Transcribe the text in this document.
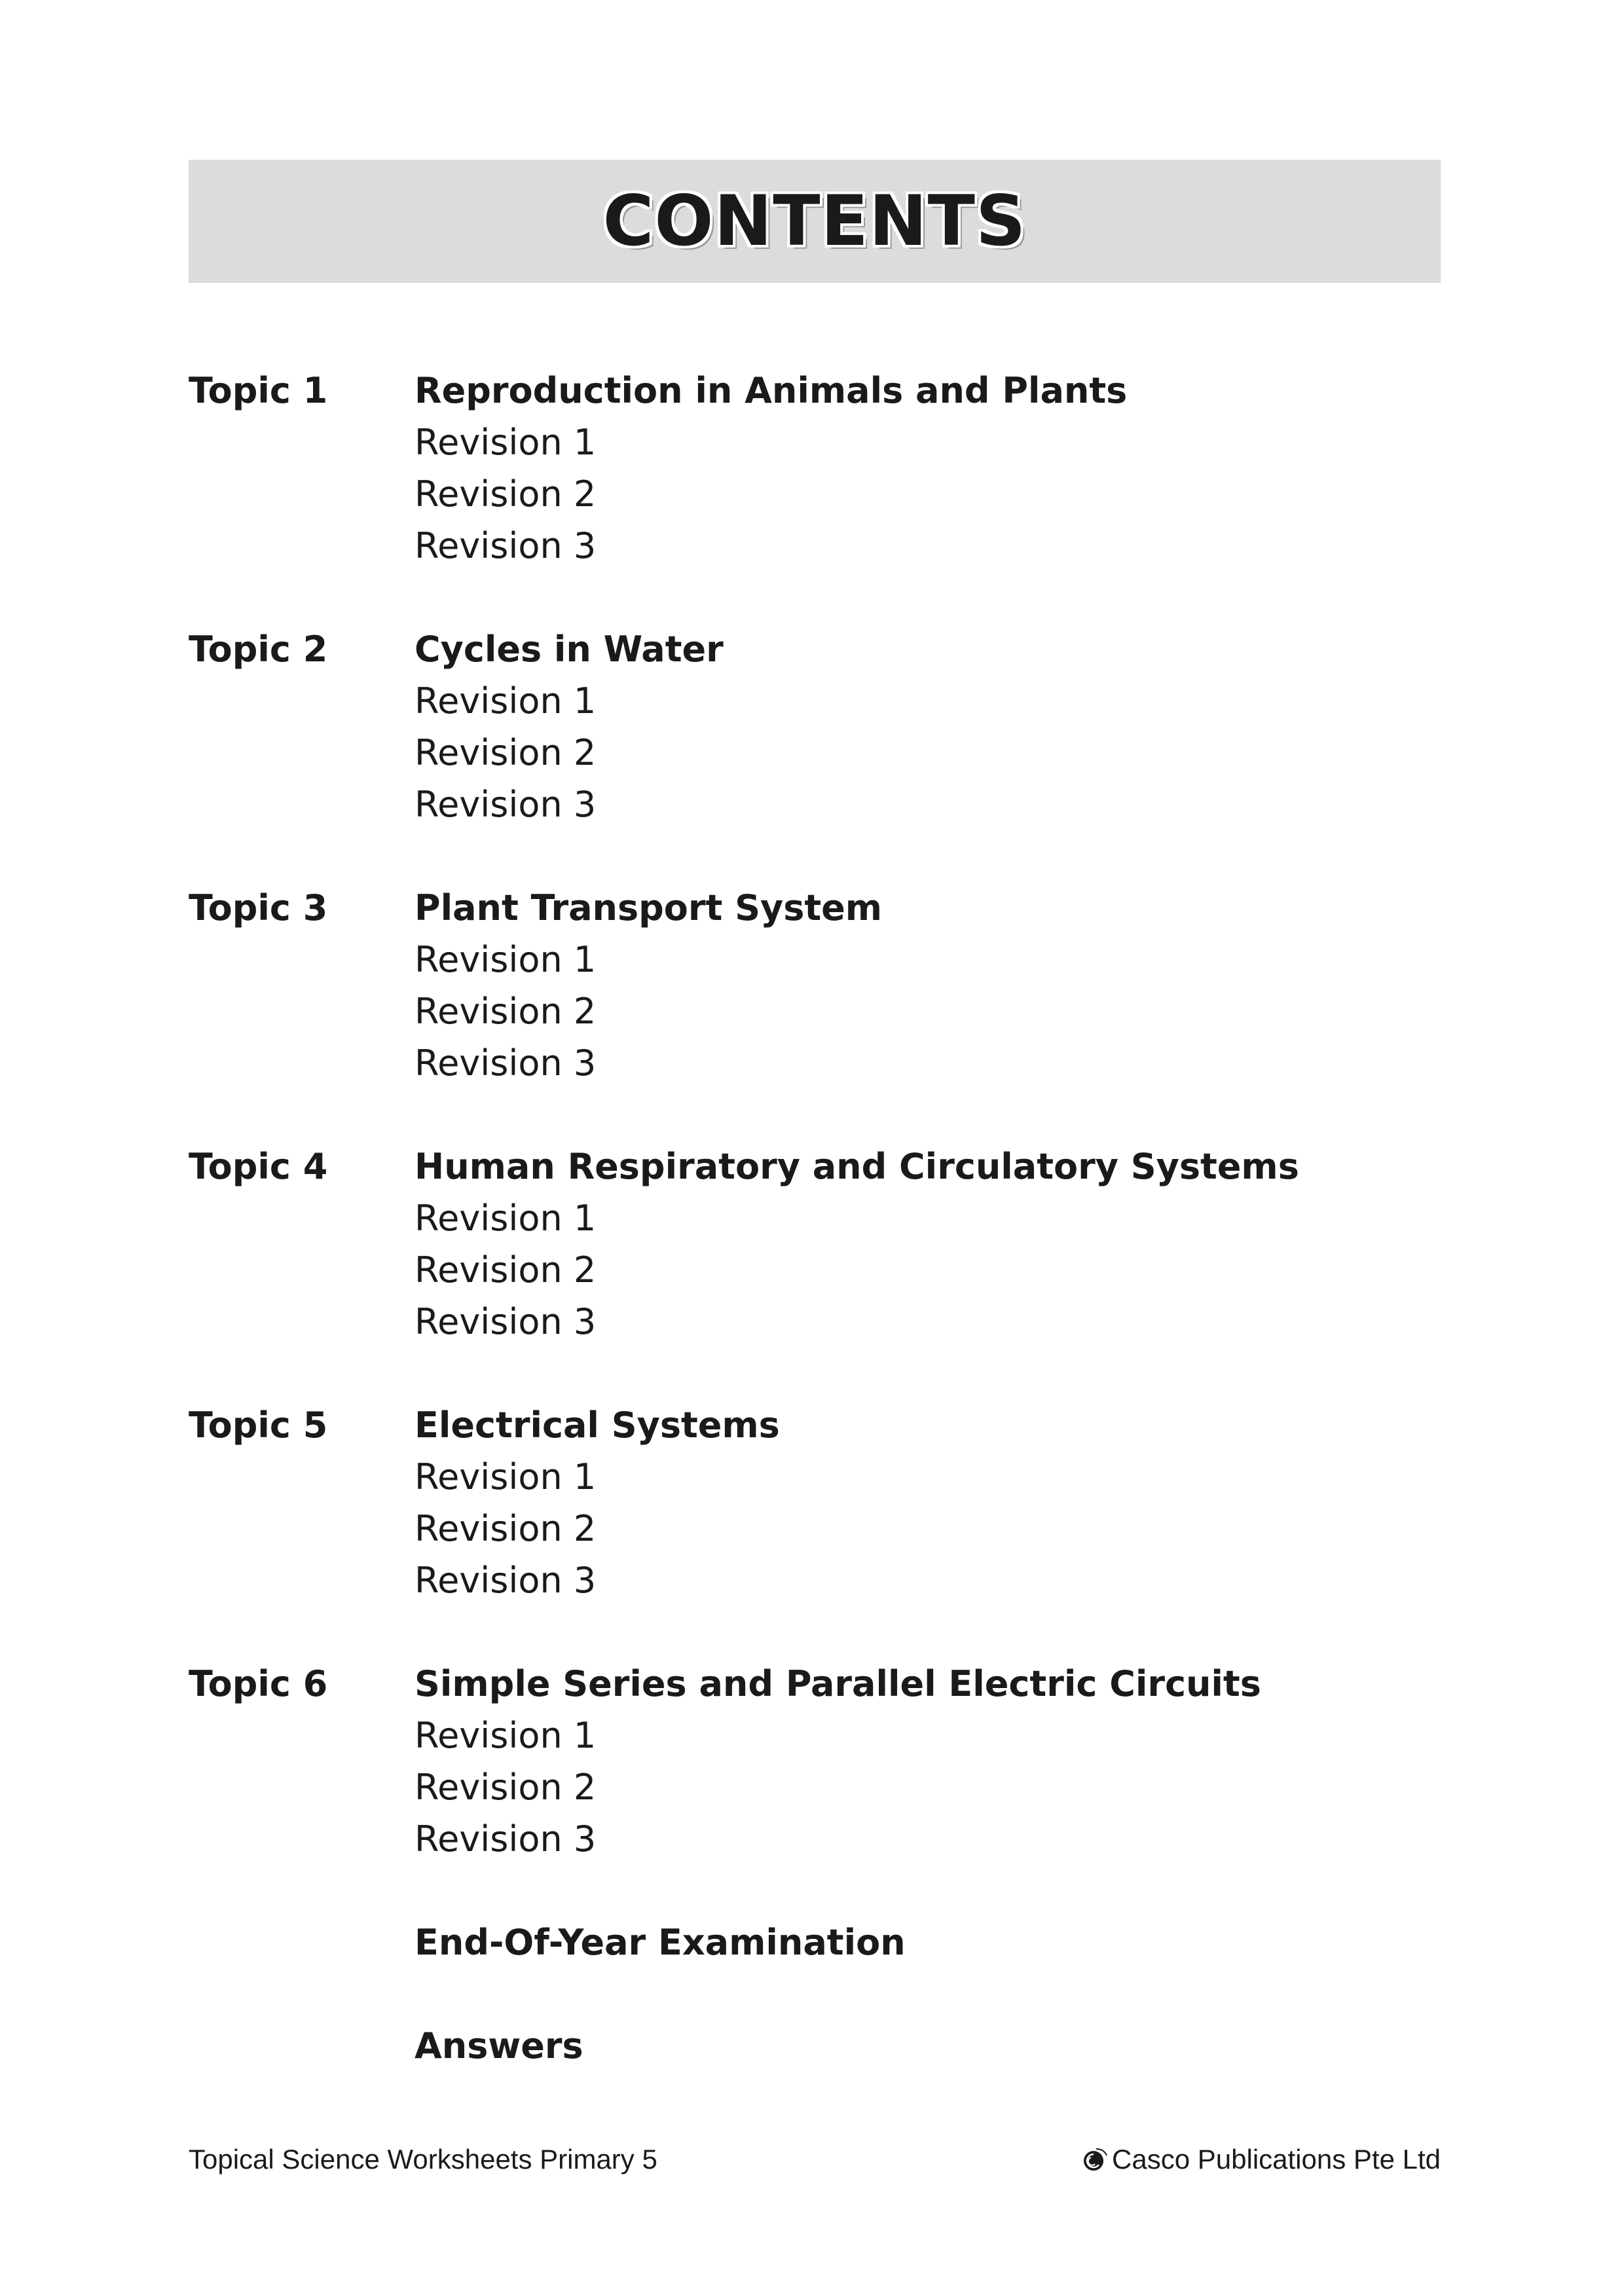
CONTENTS
Topic 1	Reproduction in Animals and Plants
Revision 1
Revision 2
Revision 3
Topic 2	Cycles in Water
Revision 1
Revision 2
Revision 3
Topic 3	Plant Transport System
Revision 1
Revision 2
Revision 3
Topic 4	Human Respiratory and Circulatory Systems
Revision 1
Revision 2
Revision 3
Topic 5	Electrical Systems
Revision 1
Revision 2
Revision 3
Topic 6	Simple Series and Parallel Electric Circuits
Revision 1
Revision 2
Revision 3
End-Of-Year Examination
Answers
Topical Science Worksheets Primary 5	Casco Publications Pte Ltd
